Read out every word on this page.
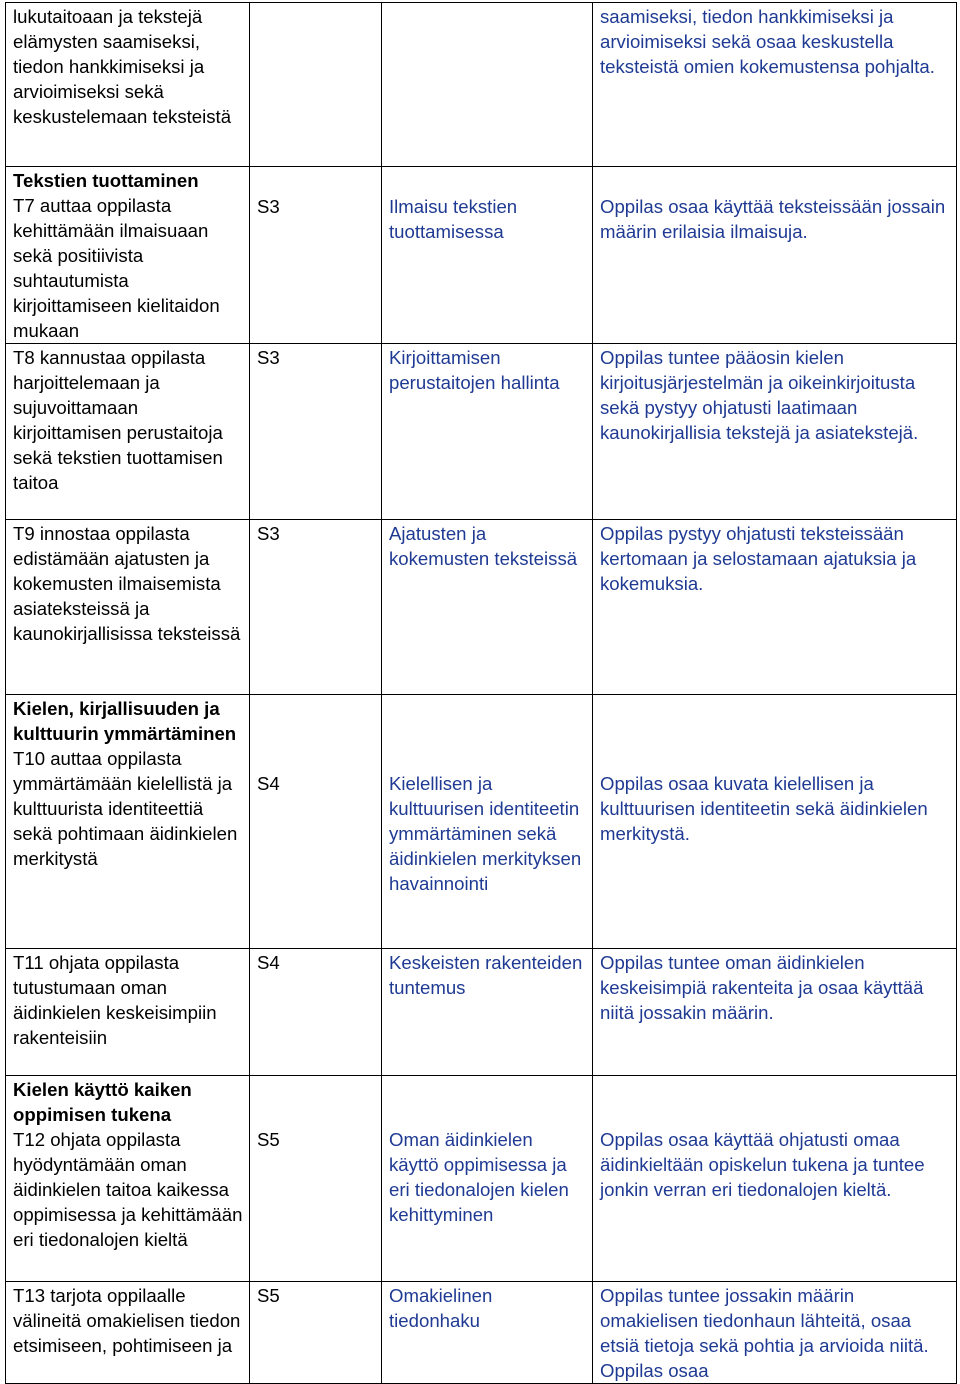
lukutaitoaan ja tekstejä elämysten saamiseksi, tiedon hankkimiseksi ja arvioimiseksi sekä keskustelemaan teksteistä			saamiseksi, tiedon hankkimiseksi ja arvioimiseksi sekä osaa keskustella teksteistä omien kokemustensa pohjalta.

Tekstien tuottaminen
T7 auttaa oppilasta kehittämään ilmaisuaan sekä positiivista suhtautumista kirjoittamiseen kielitaidon mukaan	S3	Ilmaisu tekstien tuottamisessa	Oppilas osaa käyttää teksteissään jossain määrin erilaisia ilmaisuja.

T8 kannustaa oppilasta harjoittelemaan ja sujuvoittamaan kirjoittamisen perustaitoja sekä tekstien tuottamisen taitoa	S3	Kirjoittamisen perustaitojen hallinta	Oppilas tuntee pääosin kielen kirjoitusjärjestelmän ja oikeinkirjoitusta sekä pystyy ohjatusti laatimaan kaunokirjallisia tekstejä ja asiatekstejä.

T9 innostaa oppilasta edistämään ajatusten ja kokemusten ilmaisemista asiateksteissä ja kaunokirjallisissa teksteissä	S3	Ajatusten ja kokemusten teksteissä	Oppilas pystyy ohjatusti teksteissään kertomaan ja selostamaan ajatuksia ja kokemuksia.

Kielen, kirjallisuuden ja kulttuurin ymmärtäminen
T10 auttaa oppilasta ymmärtämään kielellistä ja kulttuurista identiteettiä sekä pohtimaan äidinkielen merkitystä	S4	Kielellisen ja kulttuurisen identiteetin ymmärtäminen sekä äidinkielen merkityksen havainnointi	Oppilas osaa kuvata kielellisen ja kulttuurisen identiteetin sekä äidinkielen merkitystä.

T11 ohjata oppilasta tutustumaan oman äidinkielen keskeisimpiin rakenteisiin	S4	Keskeisten rakenteiden tuntemus	Oppilas tuntee oman äidinkielen keskeisimpiä rakenteita ja osaa käyttää niitä jossakin määrin.

Kielen käyttö kaiken oppimisen tukena
T12 ohjata oppilasta hyödyntämään oman äidinkielen taitoa kaikessa oppimisessa ja kehittämään eri tiedonalojen kieltä	S5	Oman äidinkielen käyttö oppimisessa ja eri tiedonalojen kielen kehittyminen	Oppilas osaa käyttää ohjatusti omaa äidinkieltään opiskelun tukena ja tuntee jonkin verran eri tiedonalojen kieltä.

T13 tarjota oppilaalle välineitä omakielisen tiedon etsimiseen, pohtimiseen ja	S5	Omakielinen tiedonhaku	Oppilas tuntee jossakin määrin omakielisen tiedonhaun lähteitä, osaa etsiä tietoja sekä pohtia ja arvioida niitä. Oppilas osaa
